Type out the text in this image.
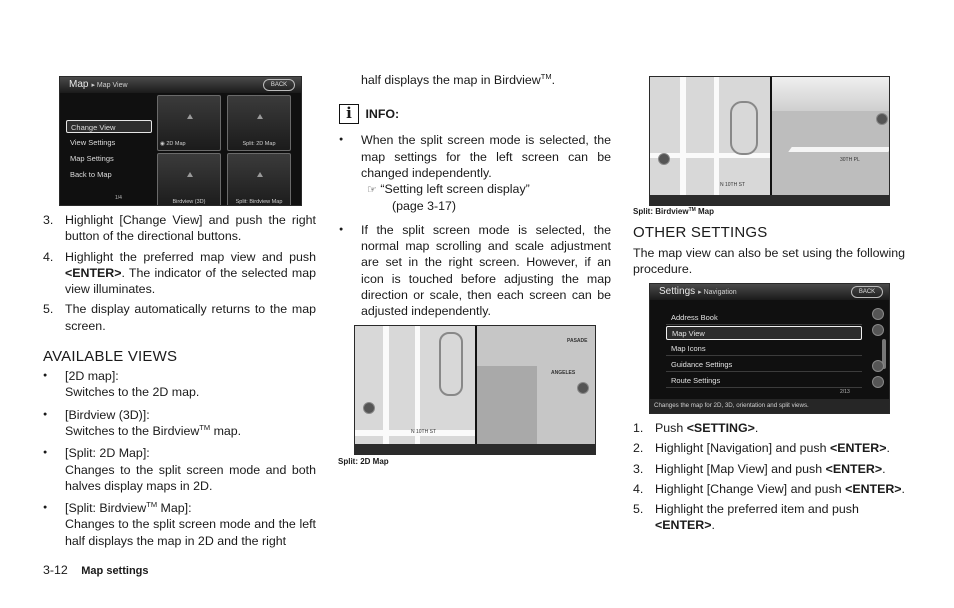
Map ▸ Map View	BACK
Change View
View Settings
Map Settings
Back to Map
1/4
◉ 2D Map	Split: 2D Map
Birdview (3D)	Split: Birdview Map
3. Highlight [Change View] and push the right button of the directional buttons.
4. Highlight the preferred map view and push <ENTER>. The indicator of the selected map view illuminates.
5. The display automatically returns to the map screen.
AVAILABLE VIEWS
● [2D map]:
Switches to the 2D map.
● [Birdview (3D)]:
Switches to the Birdview™ map.
● [Split: 2D Map]:
Changes to the split screen mode and both halves display maps in 2D.
● [Split: Birdview™ Map]:
Changes to the split screen mode and the left half displays the map in 2D and the right
3-12 Map settings
half displays the map in Birdview™.
i INFO:
● When the split screen mode is selected, the map settings for the left screen can be changed independently.
☞ “Setting left screen display”
(page 3-17)
● If the split screen mode is selected, the normal map scrolling and scale adjustment are set in the right screen. However, if an icon is touched before adjusting the map direction or scale, then each screen can be adjusted independently.
N 10TH ST
PASADE
ANGELES

Split: 2D Map

30TH PL
N 10TH ST

Split: Birdview™ Map

OTHER SETTINGS
The map view can also be set using the following procedure.
Settings ▸ Navigation	BACK
Address Book
Map View
Map Icons
Guidance Settings
Route Settings
2/13
Changes the map for 2D, 3D, orientation and split views.
1. Push <SETTING>.
2. Highlight [Navigation] and push <ENTER>.
3. Highlight [Map View] and push <ENTER>.
4. Highlight [Change View] and push <ENTER>.
5. Highlight the preferred item and push <ENTER>.
